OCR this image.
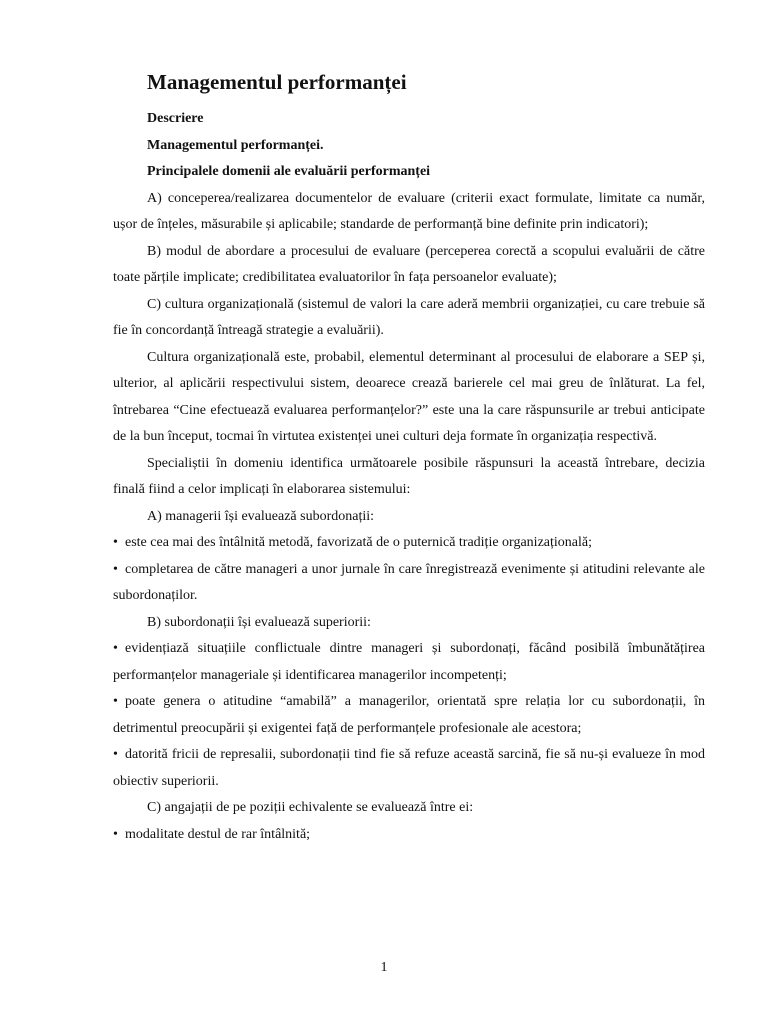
Managementul performanței

Descriere

Managementul performanței.

Principalele domenii ale evaluării performanței

A) conceperea/realizarea documentelor de evaluare (criterii exact formulate, limitate ca număr, ușor de înțeles, măsurabile și aplicabile; standarde de performanță bine definite prin indicatori);

B) modul de abordare a procesului de evaluare (perceperea corectă a scopului evaluării de către toate părțile implicate; credibilitatea evaluatorilor în fața persoanelor evaluate);

C) cultura organizațională (sistemul de valori la care aderă membrii organizației, cu care trebuie să fie în concordanță întreagă strategie a evaluării).

Cultura organizațională este, probabil, elementul determinant al procesului de elaborare a SEP și, ulterior, al aplicării respectivului sistem, deoarece crează barierele cel mai greu de înlăturat. La fel, întrebarea “Cine efectuează evaluarea performanțelor?” este una la care răspunsurile ar trebui anticipate de la bun început, tocmai în virtutea existenței unei culturi deja formate în organizația respectivă.

Specialiștii în domeniu identifica următoarele posibile răspunsuri la această întrebare, decizia finală fiind a celor implicați în elaborarea sistemului:

A) managerii își evaluează subordonații:

• este cea mai des întâlnită metodă, favorizată de o puternică tradiție organizațională;

• completarea de către manageri a unor jurnale în care înregistrează evenimente și atitudini relevante ale subordonaților.

B) subordonații își evaluează superiorii:

• evidențiază situațiile conflictuale dintre manageri și subordonați, făcând posibilă îmbunătățirea performanțelor manageriale și identificarea managerilor incompetenți;

• poate genera o atitudine “amabilă” a managerilor, orientată spre relația lor cu subordonații, în detrimentul preocupării și exigentei față de performanțele profesionale ale acestora;

• datorită fricii de represalii, subordonații tind fie să refuze această sarcină, fie să nu-și evalueze în mod obiectiv superiorii.

C) angajații de pe poziții echivalente se evaluează între ei:

• modalitate destul de rar întâlnită;

1
